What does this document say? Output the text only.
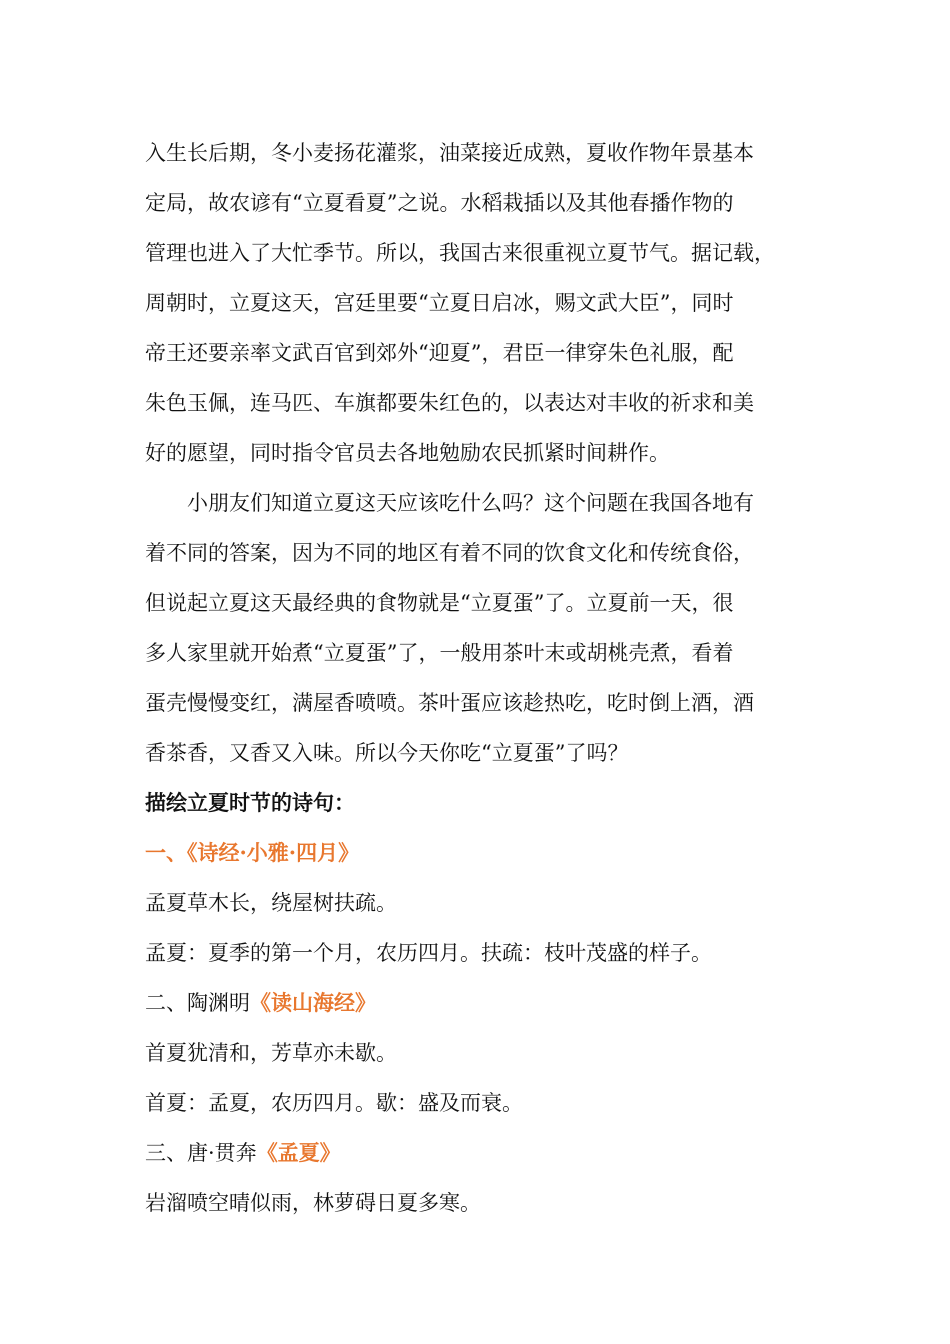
入生长后期，冬小麦扬花灌浆，油菜接近成熟，夏收作物年景基本
定局，故农谚有“立夏看夏”之说。水稻栽插以及其他春播作物的
管理也进入了大忙季节。所以，我国古来很重视立夏节气。据记载，
周朝时，立夏这天，宫廷里要“立夏日启冰，赐文武大臣”，同时
帝王还要亲率文武百官到郊外“迎夏”，君臣一律穿朱色礼服，配
朱色玉佩，连马匹、车旗都要朱红色的，以表达对丰收的祈求和美
好的愿望，同时指令官员去各地勉励农民抓紧时间耕作。
小朋友们知道立夏这天应该吃什么吗？这个问题在我国各地有
着不同的答案，因为不同的地区有着不同的饮食文化和传统食俗，
但说起立夏这天最经典的食物就是“立夏蛋”了。立夏前一天，很
多人家里就开始煮“立夏蛋”了，一般用茶叶末或胡桃壳煮，看着
蛋壳慢慢变红，满屋香喷喷。茶叶蛋应该趁热吃，吃时倒上酒，酒
香茶香，又香又入味。所以今天你吃“立夏蛋”了吗？
描绘立夏时节的诗句：
一、《诗经·小雅·四月》
孟夏草木长，绕屋树扶疏。
孟夏：夏季的第一个月，农历四月。扶疏：枝叶茂盛的样子。
二、陶渊明《读山海经》
首夏犹清和，芳草亦未歇。
首夏：孟夏，农历四月。歇：盛及而衰。
三、唐·贯奔《孟夏》
岩溜喷空晴似雨，林萝碍日夏多寒。
